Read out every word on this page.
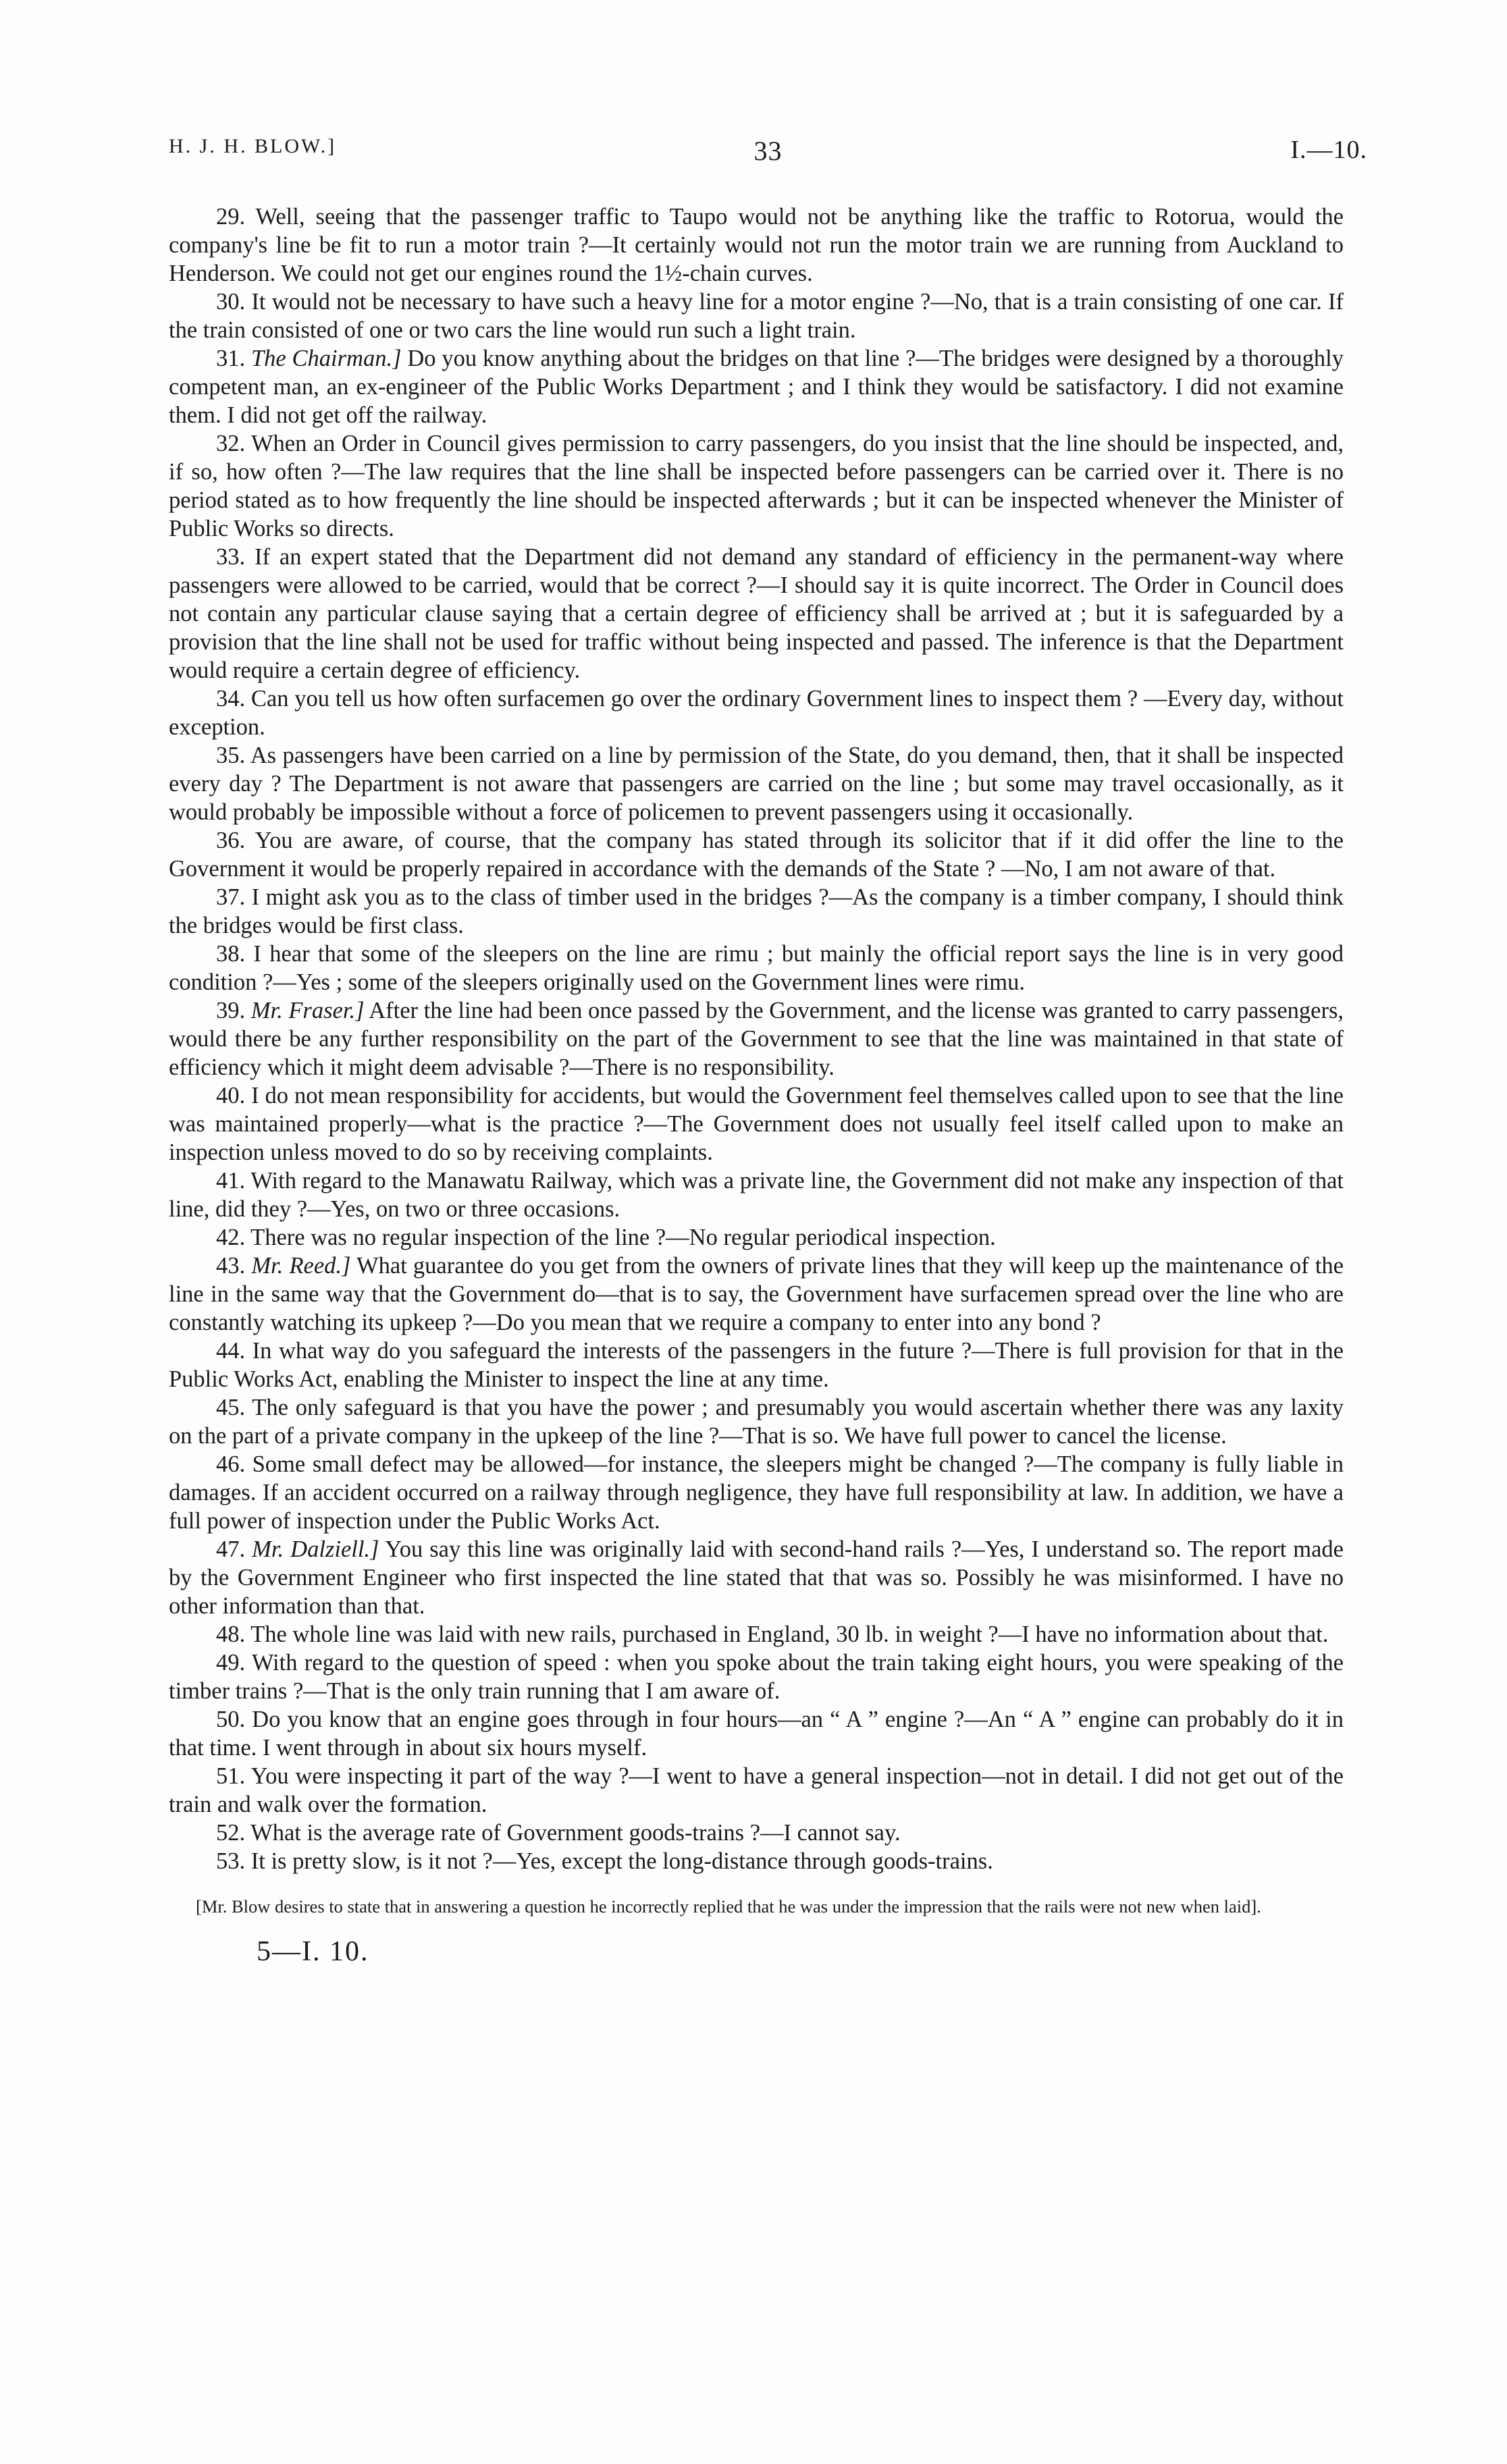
H. J. H. BLOW.]	33	I.—10.

29. Well, seeing that the passenger traffic to Taupo would not be anything like the traffic to Rotorua, would the company's line be fit to run a motor train ?—It certainly would not run the motor train we are running from Auckland to Henderson. We could not get our engines round the 1½-chain curves.

30. It would not be necessary to have such a heavy line for a motor engine ?—No, that is a train consisting of one car. If the train consisted of one or two cars the line would run such a light train.

31. The Chairman.] Do you know anything about the bridges on that line ?—The bridges were designed by a thoroughly competent man, an ex-engineer of the Public Works Department ; and I think they would be satisfactory. I did not examine them. I did not get off the railway.

32. When an Order in Council gives permission to carry passengers, do you insist that the line should be inspected, and, if so, how often ?—The law requires that the line shall be inspected before passengers can be carried over it. There is no period stated as to how frequently the line should be inspected afterwards ; but it can be inspected whenever the Minister of Public Works so directs.

33. If an expert stated that the Department did not demand any standard of efficiency in the permanent-way where passengers were allowed to be carried, would that be correct ?—I should say it is quite incorrect. The Order in Council does not contain any particular clause saying that a certain degree of efficiency shall be arrived at ; but it is safeguarded by a provision that the line shall not be used for traffic without being inspected and passed. The inference is that the Department would require a certain degree of efficiency.

34. Can you tell us how often surfacemen go over the ordinary Government lines to inspect them ? —Every day, without exception.

35. As passengers have been carried on a line by permission of the State, do you demand, then, that it shall be inspected every day ? The Department is not aware that passengers are carried on the line ; but some may travel occasionally, as it would probably be impossible without a force of policemen to prevent passengers using it occasionally.

36. You are aware, of course, that the company has stated through its solicitor that if it did offer the line to the Government it would be properly repaired in accordance with the demands of the State ? —No, I am not aware of that.

37. I might ask you as to the class of timber used in the bridges ?—As the company is a timber company, I should think the bridges would be first class.

38. I hear that some of the sleepers on the line are rimu ; but mainly the official report says the line is in very good condition ?—Yes ; some of the sleepers originally used on the Government lines were rimu.

39. Mr. Fraser.] After the line had been once passed by the Government, and the license was granted to carry passengers, would there be any further responsibility on the part of the Government to see that the line was maintained in that state of efficiency which it might deem advisable ?—There is no responsibility.

40. I do not mean responsibility for accidents, but would the Government feel themselves called upon to see that the line was maintained properly—what is the practice ?—The Government does not usually feel itself called upon to make an inspection unless moved to do so by receiving complaints.

41. With regard to the Manawatu Railway, which was a private line, the Government did not make any inspection of that line, did they ?—Yes, on two or three occasions.

42. There was no regular inspection of the line ?—No regular periodical inspection.

43. Mr. Reed.] What guarantee do you get from the owners of private lines that they will keep up the maintenance of the line in the same way that the Government do—that is to say, the Government have surfacemen spread over the line who are constantly watching its upkeep ?—Do you mean that we require a company to enter into any bond ?

44. In what way do you safeguard the interests of the passengers in the future ?—There is full provision for that in the Public Works Act, enabling the Minister to inspect the line at any time.

45. The only safeguard is that you have the power ; and presumably you would ascertain whether there was any laxity on the part of a private company in the upkeep of the line ?—That is so. We have full power to cancel the license.

46. Some small defect may be allowed—for instance, the sleepers might be changed ?—The company is fully liable in damages. If an accident occurred on a railway through negligence, they have full responsibility at law. In addition, we have a full power of inspection under the Public Works Act.

47. Mr. Dalziell.] You say this line was originally laid with second-hand rails ?—Yes, I understand so. The report made by the Government Engineer who first inspected the line stated that that was so. Possibly he was misinformed. I have no other information than that.

48. The whole line was laid with new rails, purchased in England, 30 lb. in weight ?—I have no information about that.

49. With regard to the question of speed : when you spoke about the train taking eight hours, you were speaking of the timber trains ?—That is the only train running that I am aware of.

50. Do you know that an engine goes through in four hours—an “ A ” engine ?—An “ A ” engine can probably do it in that time. I went through in about six hours myself.

51. You were inspecting it part of the way ?—I went to have a general inspection—not in detail. I did not get out of the train and walk over the formation.

52. What is the average rate of Government goods-trains ?—I cannot say.

53. It is pretty slow, is it not ?—Yes, except the long-distance through goods-trains.

[Mr. Blow desires to state that in answering a question he incorrectly replied that he was under the impression that the rails were not new when laid].

5—I. 10.
